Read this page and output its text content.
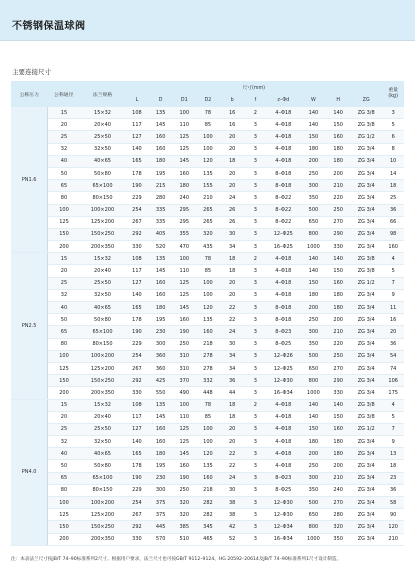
不锈钢保温球阀
主要连接尺寸
公称压力	公称通径	法兰规格	尺寸(mm)										重量
(kg)
			L	D	D1	D2	b	f	z–Φd	W	H	ZG	
PN1.6	15	15×32	108	135	100	78	16	2	4–Φ18	140	140	ZG 3/8	3
	20	20×40	117	145	110	85	16	3	4–Φ18	140	150	ZG 3/8	5
	25	25×50	127	160	125	100	20	3	4–Φ18	150	160	ZG 1/2	6
	32	32×50	140	160	125	100	20	3	4–Φ18	180	180	ZG 3/4	8
	40	40×65	165	180	145	120	18	3	4–Φ18	200	180	ZG 3/4	10
	50	50×80	178	195	160	135	20	3	8–Φ18	250	200	ZG 3/4	14
	65	65×100	190	215	180	155	20	3	8–Φ18	300	210	ZG 3/4	18
	80	80×150	229	280	240	210	24	3	8–Φ22	350	220	ZG 3/4	25
	100	100×200	254	335	295	265	26	3	8–Φ22	500	250	ZG 3/4	36
	125	125×200	267	335	295	265	26	3	8–Φ22	650	270	ZG 3/4	66
	150	150×250	292	405	355	320	30	3	12–Φ25	800	290	ZG 3/4	98
	200	200×350	330	520	470	435	34	3	16–Φ25	1000	330	ZG 3/4	160
PN2.5	15	15×32	108	135	100	78	18	2	4–Φ18	140	140	ZG 3/8	4
	20	20×40	117	145	110	85	18	3	4–Φ18	140	150	ZG 3/8	5
	25	25×50	127	160	125	100	20	3	4–Φ18	150	160	ZG 1/2	7
	32	32×50	140	160	125	100	20	3	4–Φ18	180	180	ZG 3/4	9
	40	40×65	165	180	145	120	22	3	8–Φ18	200	180	ZG 3/4	11
	50	50×80	178	195	160	135	22	3	8–Φ18	250	200	ZG 3/4	16
	65	65×100	190	230	190	160	24	3	8–Φ23	300	210	ZG 3/4	20
	80	80×150	229	300	250	218	30	3	8–Φ25	350	220	ZG 3/4	36
	100	100×200	254	360	310	278	34	3	12–Φ26	500	250	ZG 3/4	54
	125	125×200	267	360	310	278	34	3	12–Φ25	650	270	ZG 3/4	74
	150	150×250	292	425	370	332	36	3	12–Φ30	800	290	ZG 3/4	106
	200	200×350	330	550	490	448	44	3	16–Φ34	1000	330	ZG 3/4	175
PN4.0	15	15×32	108	135	100	78	18	2	4–Φ18	140	140	ZG 3/8	4
	20	20×40	117	145	110	85	18	3	4–Φ18	140	150	ZG 3/8	5
	25	25×50	127	160	125	100	20	3	4–Φ18	150	160	ZG 1/2	7
	32	32×50	140	160	125	100	20	3	4–Φ18	180	180	ZG 3/4	9
	40	40×65	165	180	145	120	22	3	4–Φ18	200	180	ZG 3/4	13
	50	50×80	178	195	160	135	22	3	4–Φ18	250	200	ZG 3/4	18
	65	65×100	190	230	190	160	24	3	8–Φ23	300	210	ZG 3/4	23
	80	80×150	229	300	250	218	30	3	8–Φ25	350	240	ZG 3/4	36
	100	100×200	254	375	320	282	38	3	12–Φ30	500	270	ZG 3/4	58
	125	125×200	267	375	320	282	38	3	12–Φ30	650	280	ZG 3/4	90
	150	150×250	292	445	385	345	42	3	12–Φ34	800	320	ZG 3/4	120
	200	200×350	330	570	510	465	52	3	16–Φ34	1000	350	ZG 3/4	210
注：本表法兰尺寸按JB/T 74–90标准系列2尺寸。根据用户要求，法兰尺寸也可按GB/T 9112–9124、HG 20592–20614及JB/T 74–90标准系列1尺寸设计制造。
